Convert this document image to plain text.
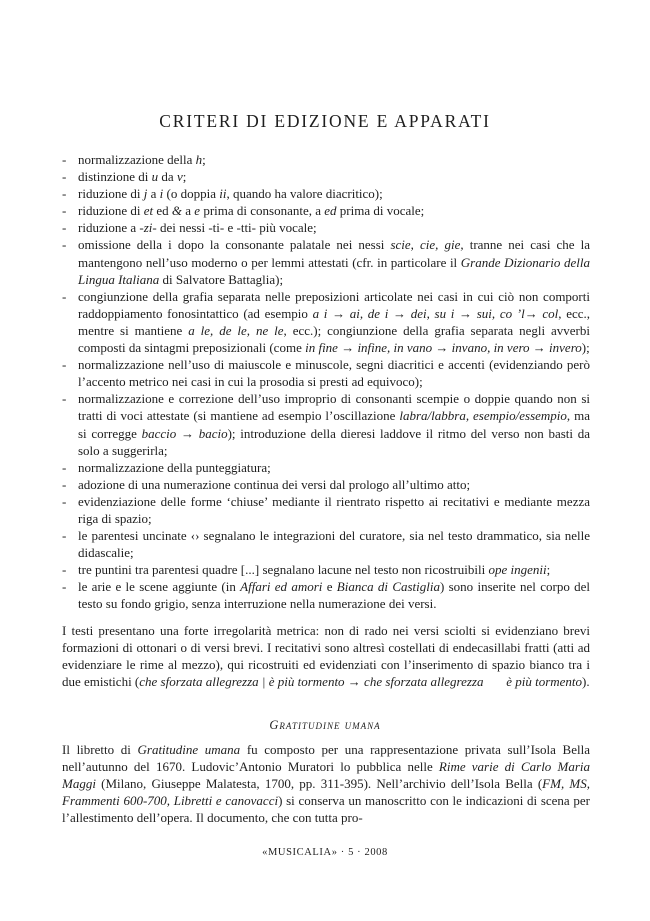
CRITERI DI EDIZIONE E APPARATI
- normalizzazione della h;
- distinzione di u da v;
- riduzione di j a i (o doppia ii, quando ha valore diacritico);
- riduzione di et ed & a e prima di consonante, a ed prima di vocale;
- riduzione a -zi- dei nessi -ti- e -tti- più vocale;
- omissione della i dopo la consonante palatale nei nessi scie, cie, gie, tranne nei casi che la mantengono nell’uso moderno o per lemmi attestati (cfr. in particolare il Grande Dizionario della Lingua Italiana di Salvatore Battaglia);
- congiunzione della grafia separata nelle preposizioni articolate nei casi in cui ciò non comporti raddoppiamento fonosintattico (ad esempio a i → ai, de i → dei, su i → sui, co ’l→ col, ecc., mentre si mantiene a le, de le, ne le, ecc.); congiunzione della grafia separata negli avverbi composti da sintagmi preposizionali (come in fine → infine, in vano → invano, in vero → invero);
- normalizzazione nell’uso di maiuscole e minuscole, segni diacritici e accenti (evidenziando però l’accento metrico nei casi in cui la prosodia si presti ad equivoco);
- normalizzazione e correzione dell’uso improprio di consonanti scempie o doppie quando non si tratti di voci attestate (si mantiene ad esempio l’oscillazione labra/labbra, esempio/essempio, ma si corregge baccio → bacio); introduzione della dieresi laddove il ritmo del verso non basti da solo a suggerirla;
- normalizzazione della punteggiatura;
- adozione di una numerazione continua dei versi dal prologo all’ultimo atto;
- evidenziazione delle forme ‘chiuse’ mediante il rientrato rispetto ai recitativi e mediante mezza riga di spazio;
- le parentesi uncinate ‹› segnalano le integrazioni del curatore, sia nel testo drammatico, sia nelle didascalie;
- tre puntini tra parentesi quadre [...] segnalano lacune nel testo non ricostruibili ope ingenii;
- le arie e le scene aggiunte (in Affari ed amori e Bianca di Castiglia) sono inserite nel corpo del testo su fondo grigio, senza interruzione nella numerazione dei versi.

I testi presentano una forte irregolarità metrica: non di rado nei versi sciolti si evidenziano brevi formazioni di ottonari o di versi brevi. I recitativi sono altresì costellati di endecasillabi fratti (atti ad evidenziare le rime al mezzo), qui ricostruiti ed evidenziati con l’inserimento di spazio bianco tra i due emistichi (che sforzata allegrezza | è più tormento → che sforzata allegrezza       è più tormento).

Gratitudine umana

Il libretto di Gratitudine umana fu composto per una rappresentazione privata sull’Isola Bella nell’autunno del 1670. Ludovic’Antonio Muratori lo pubblica nelle Rime varie di Carlo Maria Maggi (Milano, Giuseppe Malatesta, 1700, pp. 311-395). Nell’archivio dell’Isola Bella (FM, MS, Frammenti 600-700, Libretti e canovacci) si conserva un manoscritto con le indicazioni di scena per l’allestimento dell’opera. Il documento, che con tutta pro-

«MUSICALIA» · 5 · 2008
